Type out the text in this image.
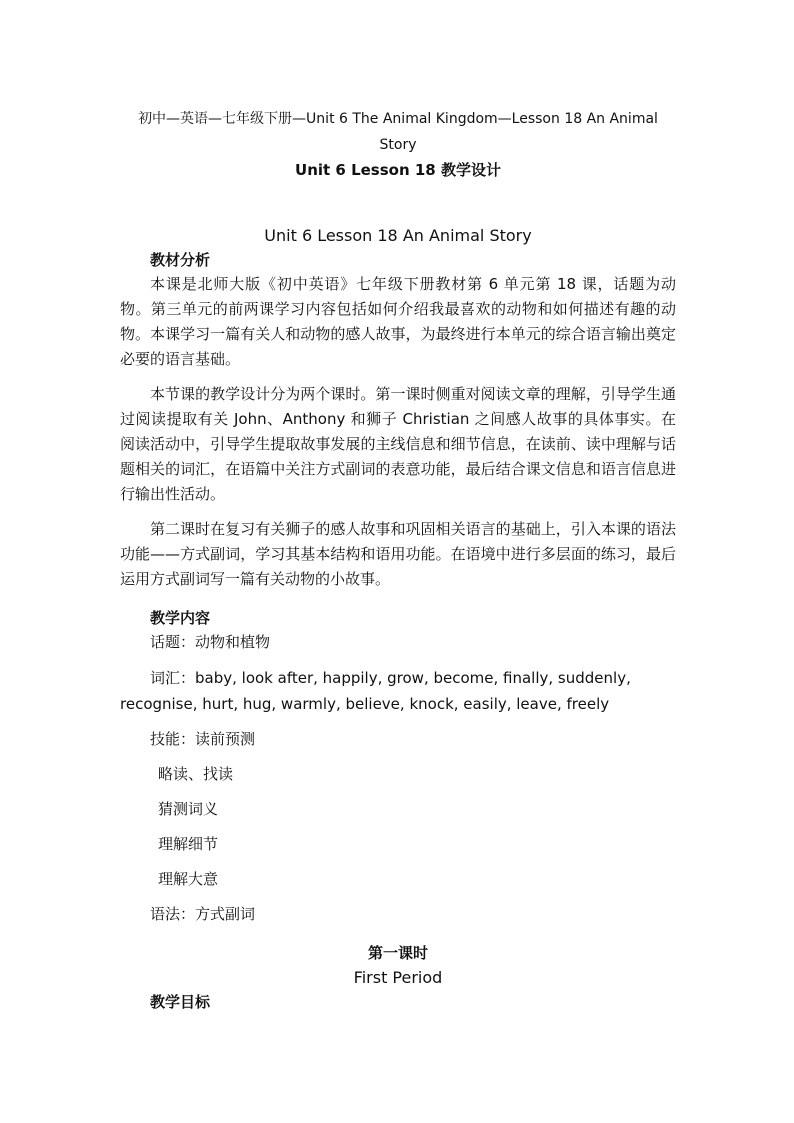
初中—英语—七年级下册—Unit 6 The Animal Kingdom—Lesson 18 An Animal Story

Unit 6 Lesson 18 教学设计

Unit 6 Lesson 18 An Animal Story

教材分析

本课是北师大版《初中英语》七年级下册教材第 6 单元第 18 课，话题为动物。第三单元的前两课学习内容包括如何介绍我最喜欢的动物和如何描述有趣的动物。本课学习一篇有关人和动物的感人故事，为最终进行本单元的综合语言输出奠定必要的语言基础。

本节课的教学设计分为两个课时。第一课时侧重对阅读文章的理解，引导学生通过阅读提取有关 John、Anthony 和狮子 Christian 之间感人故事的具体事实。在阅读活动中，引导学生提取故事发展的主线信息和细节信息，在读前、读中理解与话题相关的词汇，在语篇中关注方式副词的表意功能，最后结合课文信息和语言信息进行输出性活动。

第二课时在复习有关狮子的感人故事和巩固相关语言的基础上，引入本课的语法功能——方式副词，学习其基本结构和语用功能。在语境中进行多层面的练习，最后运用方式副词写一篇有关动物的小故事。

教学内容

话题：动物和植物

词汇：baby, look after, happily, grow, become, finally, suddenly, recognise, hurt, hug, warmly, believe, knock, easily, leave, freely

技能：读前预测

略读、找读

猜测词义

理解细节

理解大意

语法：方式副词

第一课时

First Period

教学目标
